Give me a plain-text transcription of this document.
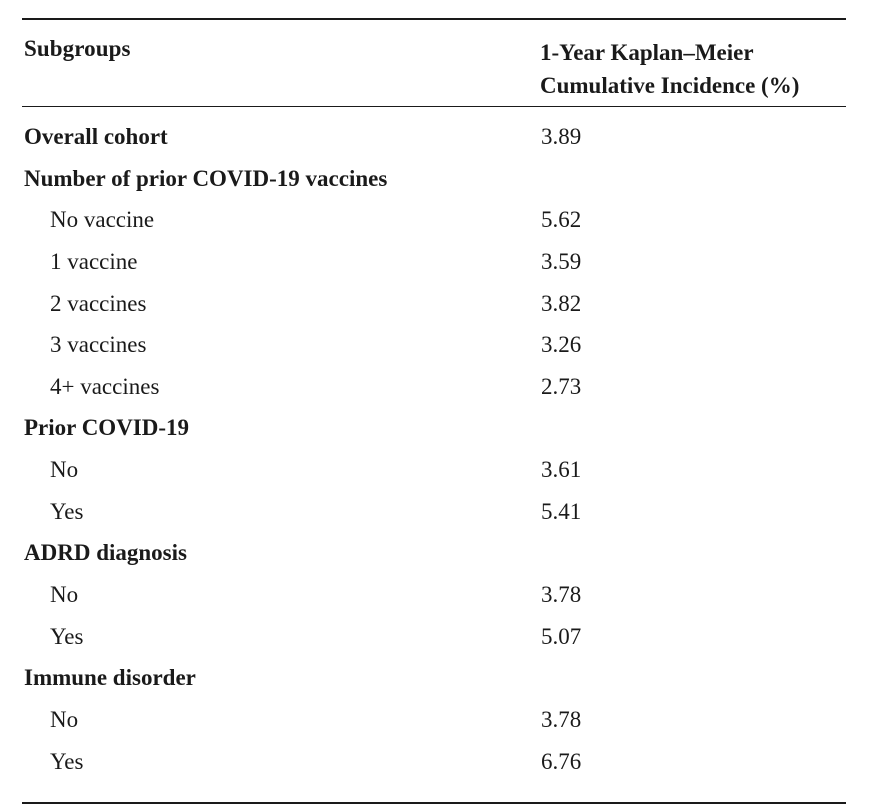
Subgroups	1-Year Kaplan–Meier
Cumulative Incidence (%)
Overall cohort	3.89
Number of prior COVID-19 vaccines
No vaccine	5.62
1 vaccine	3.59
2 vaccines	3.82
3 vaccines	3.26
4+ vaccines	2.73
Prior COVID-19
No	3.61
Yes	5.41
ADRD diagnosis
No	3.78
Yes	5.07
Immune disorder
No	3.78
Yes	6.76
